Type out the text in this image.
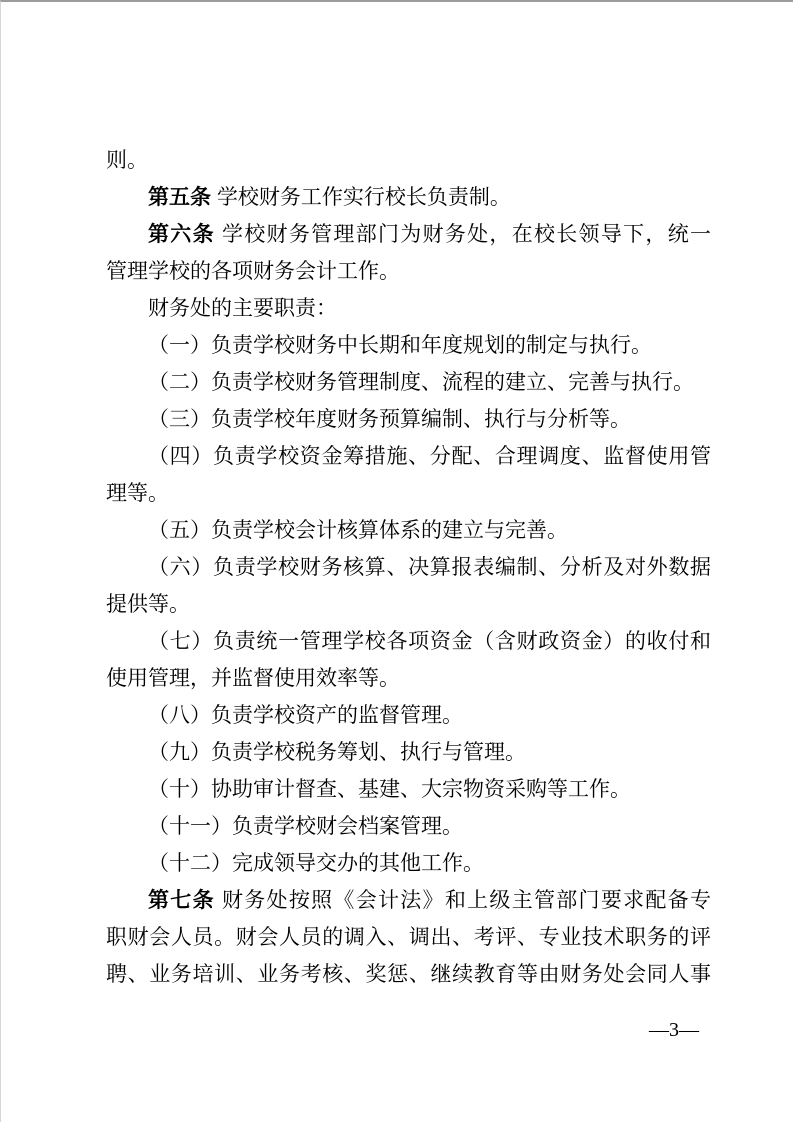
则。
第五条 学校财务工作实行校长负责制。
第六条 学校财务管理部门为财务处，在校长领导下，统一
管理学校的各项财务会计工作。
财务处的主要职责：
（一）负责学校财务中长期和年度规划的制定与执行。
（二）负责学校财务管理制度、流程的建立、完善与执行。
（三）负责学校年度财务预算编制、执行与分析等。
（四）负责学校资金筹措施、分配、合理调度、监督使用管
理等。
（五）负责学校会计核算体系的建立与完善。
（六）负责学校财务核算、决算报表编制、分析及对外数据
提供等。
（七）负责统一管理学校各项资金（含财政资金）的收付和
使用管理，并监督使用效率等。
（八）负责学校资产的监督管理。
（九）负责学校税务筹划、执行与管理。
（十）协助审计督查、基建、大宗物资采购等工作。
（十一）负责学校财会档案管理。
（十二）完成领导交办的其他工作。
第七条 财务处按照《会计法》和上级主管部门要求配备专
职财会人员。财会人员的调入、调出、考评、专业技术职务的评
聘、业务培训、业务考核、奖惩、继续教育等由财务处会同人事
—3—
